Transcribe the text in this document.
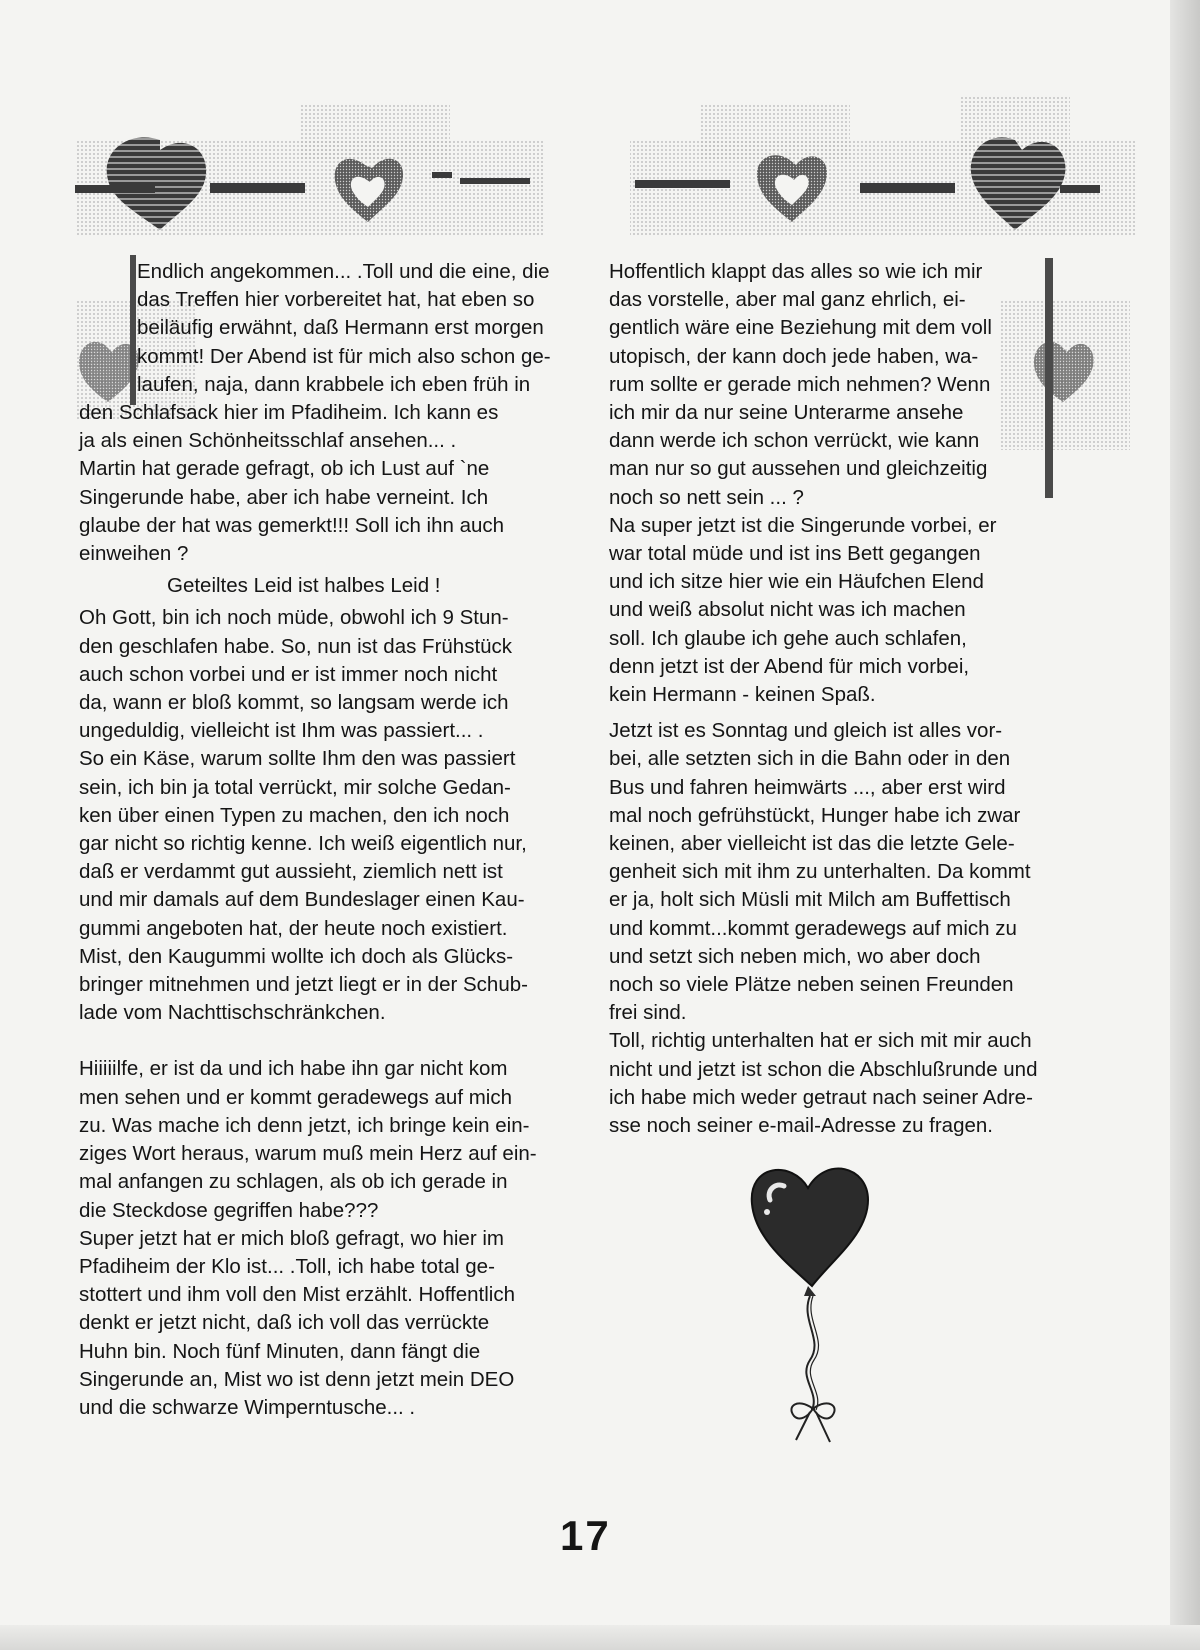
Endlich angekommen... .Toll und die eine, die

das Treffen hier vorbereitet hat, hat eben so

beiläufig erwähnt, daß Hermann erst morgen

kommt! Der Abend ist für mich also schon ge-

laufen, naja, dann krabbele ich eben früh in

den Schlafsack hier im Pfadiheim. Ich kann es

ja als einen Schönheitsschlaf ansehen... .

Martin hat gerade gefragt, ob ich Lust auf `ne

Singerunde habe, aber ich habe verneint. Ich

glaube der hat was gemerkt!!! Soll ich ihn auch

einweihen ?

Geteiltes Leid ist halbes Leid !

Oh Gott, bin ich noch müde, obwohl ich 9 Stun-

den geschlafen habe. So, nun ist das Frühstück

auch schon vorbei und er ist immer noch nicht

da, wann er bloß kommt, so langsam werde ich

ungeduldig, vielleicht ist Ihm was passiert... .

So ein Käse, warum sollte Ihm den was passiert

sein, ich bin ja total verrückt, mir solche Gedan-

ken über einen Typen zu machen, den ich noch

gar nicht so richtig kenne. Ich weiß eigentlich nur,

daß er verdammt gut aussieht, ziemlich nett ist

und mir damals auf dem Bundeslager einen Kau-

gummi angeboten hat, der heute noch existiert.

Mist, den Kaugummi wollte ich doch als Glücks-

bringer mitnehmen und jetzt liegt er in der Schub-

lade vom Nachttischschränkchen.

Hiiiiilfe, er ist da und ich habe ihn gar nicht kom

men sehen und er kommt geradewegs auf mich

zu. Was mache ich denn jetzt, ich bringe kein ein-

ziges Wort heraus, warum muß mein Herz auf ein-

mal anfangen zu schlagen, als ob ich gerade in

die Steckdose gegriffen habe???

Super jetzt hat er mich bloß gefragt, wo hier im

Pfadiheim der Klo ist... .Toll, ich habe total ge-

stottert und ihm voll den Mist erzählt. Hoffentlich

denkt er jetzt nicht, daß ich voll das verrückte

Huhn bin. Noch fünf Minuten, dann fängt die

Singerunde an, Mist wo ist denn jetzt mein DEO

und die schwarze Wimperntusche... .

Hoffentlich klappt das alles so wie ich mir

das vorstelle, aber mal ganz ehrlich, ei-

gentlich wäre eine Beziehung mit dem voll

utopisch, der kann doch jede haben, wa-

rum sollte er gerade mich nehmen? Wenn

ich mir da nur seine Unterarme ansehe

dann werde ich schon verrückt, wie kann

man nur so gut aussehen und gleichzeitig

noch so nett sein ... ?

Na super jetzt ist die Singerunde vorbei, er

war total müde und ist ins Bett gegangen

und ich sitze hier wie ein Häufchen Elend

und weiß absolut nicht was ich machen

soll. Ich glaube ich gehe auch schlafen,

denn jetzt ist der Abend für mich vorbei,

kein Hermann - keinen Spaß.

Jetzt ist es Sonntag und gleich ist alles vor-

bei, alle setzten sich in die Bahn oder in den

Bus und fahren heimwärts ..., aber erst wird

mal noch gefrühstückt, Hunger habe ich zwar

keinen, aber vielleicht ist das die letzte Gele-

genheit sich mit ihm zu unterhalten. Da kommt

er ja, holt sich Müsli mit Milch am Buffettisch

und kommt...kommt geradewegs auf mich zu

und setzt sich neben mich, wo aber doch

noch so viele Plätze neben seinen Freunden

frei sind.

Toll, richtig unterhalten hat er sich mit mir auch

nicht und jetzt ist schon die Abschlußrunde und

ich habe mich weder getraut nach seiner Adre-

sse noch seiner e-mail-Adresse zu fragen.

17
